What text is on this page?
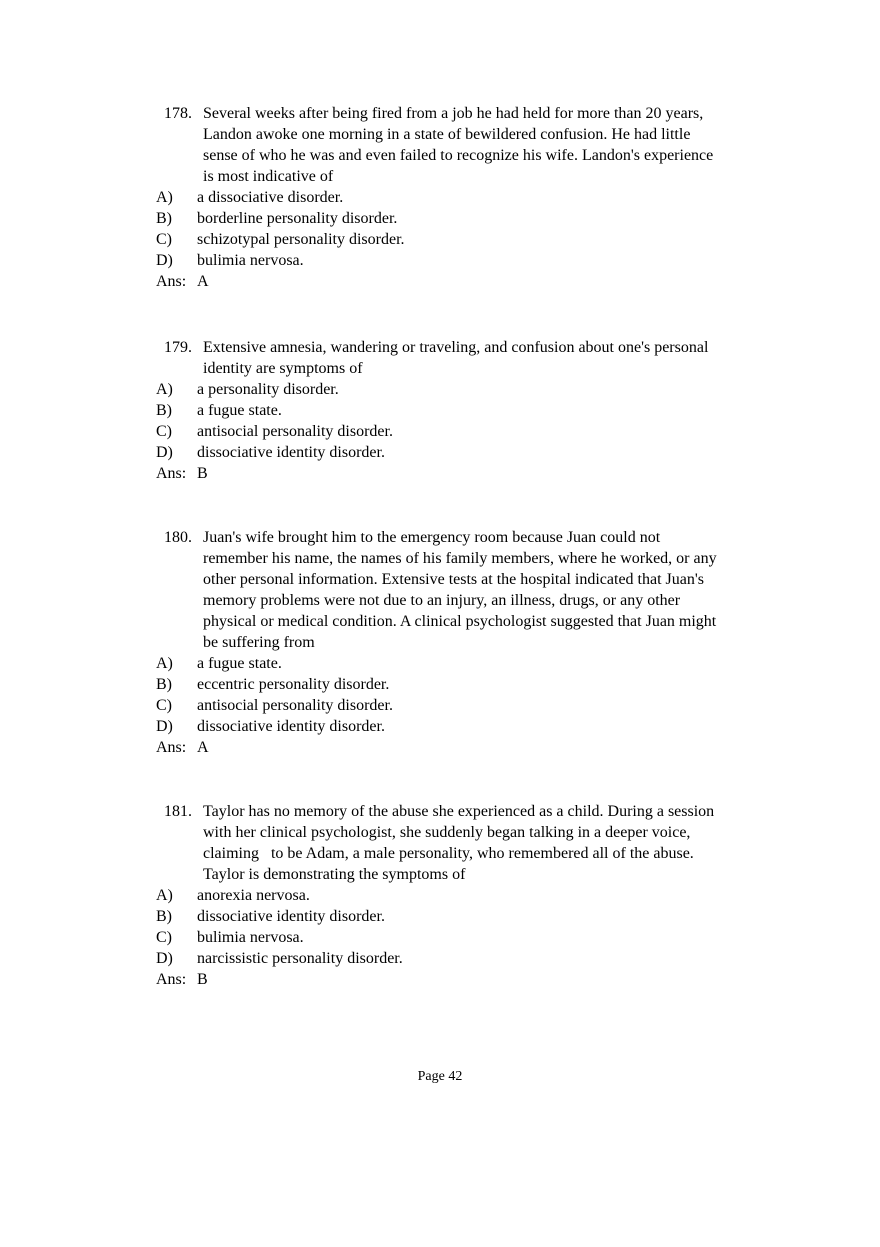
178. Several weeks after being fired from a job he had held for more than 20 years,
Landon awoke one morning in a state of bewildered confusion. He had little
sense of who he was and even failed to recognize his wife. Landon's experience
is most indicative of
A) a dissociative disorder.
B) borderline personality disorder.
C) schizotypal personality disorder.
D) bulimia nervosa.
Ans: A
179. Extensive amnesia, wandering or traveling, and confusion about one's personal
identity are symptoms of
A) a personality disorder.
B) a fugue state.
C) antisocial personality disorder.
D) dissociative identity disorder.
Ans: B
180. Juan's wife brought him to the emergency room because Juan could not
remember his name, the names of his family members, where he worked, or any
other personal information. Extensive tests at the hospital indicated that Juan's
memory problems were not due to an injury, an illness, drugs, or any other
physical or medical condition. A clinical psychologist suggested that Juan might
be suffering from
A) a fugue state.
B) eccentric personality disorder.
C) antisocial personality disorder.
D) dissociative identity disorder.
Ans: A
181. Taylor has no memory of the abuse she experienced as a child. During a session
with her clinical psychologist, she suddenly began talking in a deeper voice,
claiming   to be Adam, a male personality, who remembered all of the abuse.
Taylor is demonstrating the symptoms of
A) anorexia nervosa.
B) dissociative identity disorder.
C) bulimia nervosa.
D) narcissistic personality disorder.
Ans: B
Page 42
